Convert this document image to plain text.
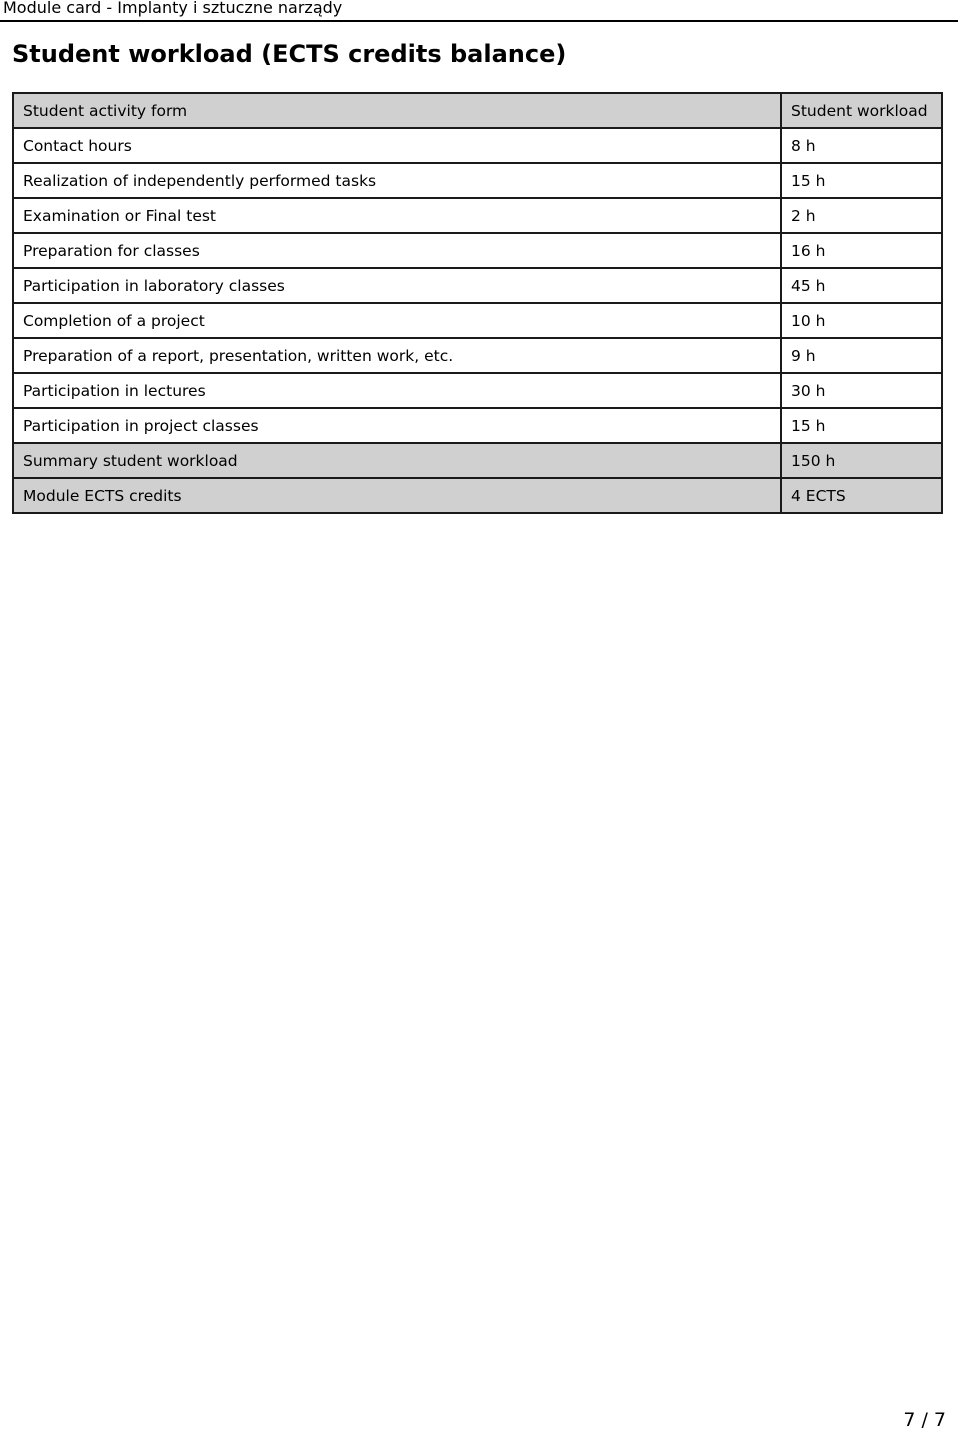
Module card - Implanty i sztuczne narządy
Student workload (ECTS credits balance)
Student activity form	Student workload
Contact hours	8 h
Realization of independently performed tasks	15 h
Examination or Final test	2 h
Preparation for classes	16 h
Participation in laboratory classes	45 h
Completion of a project	10 h
Preparation of a report, presentation, written work, etc.	9 h
Participation in lectures	30 h
Participation in project classes	15 h
Summary student workload	150 h
Module ECTS credits	4 ECTS
7 / 7
